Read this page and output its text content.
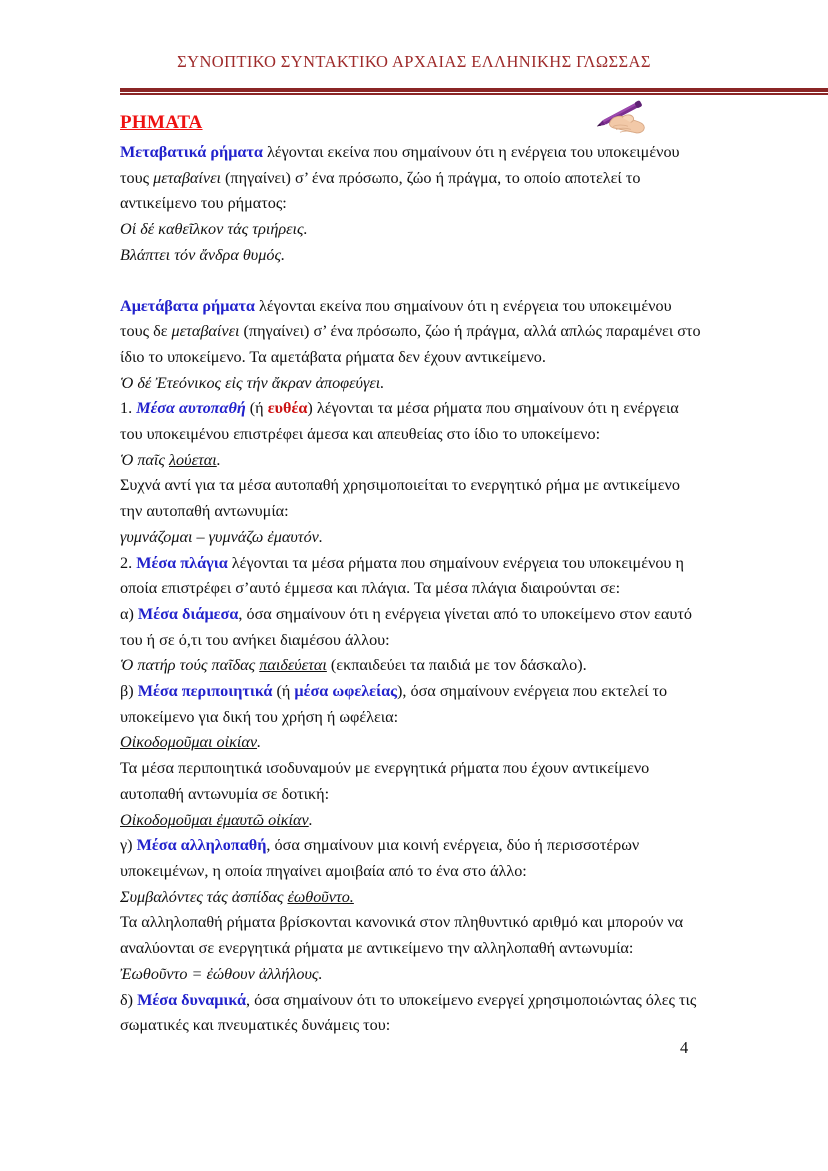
ΣΥΝΟΠΤΙΚΟ ΣΥΝΤΑΚΤΙΚΟ ΑΡΧΑΙΑΣ ΕΛΛΗΝΙΚΗΣ ΓΛΩΣΣΑΣ
ΡΗΜΑΤΑ

Μεταβατικά ρήματα λέγονται εκείνα που σημαίνουν ότι η ενέργεια του υποκειμένου τους μεταβαίνει (πηγαίνει) σ’ ένα πρόσωπο, ζώο ή πράγμα, το οποίο αποτελεί το αντικείμενο του ρήματος:

Οἱ δέ καθεῖλκον τάς τριήρεις.

Βλάπτει τόν ἄνδρα θυμός.

Αμετάβατα ρήματα λέγονται εκείνα που σημαίνουν ότι η ενέργεια του υποκειμένου τους δε μεταβαίνει (πηγαίνει) σ’ ένα πρόσωπο, ζώο ή πράγμα, αλλά απλώς παραμένει στο ίδιο το υποκείμενο. Τα αμετάβατα ρήματα δεν έχουν αντικείμενο.

Ὁ δέ Ἐτεόνικος εἰς τήν ἄκραν ἀποφεύγει.

1. Μέσα αυτοπαθή (ή ευθέα) λέγονται τα μέσα ρήματα που σημαίνουν ότι η ενέργεια του υποκειμένου επιστρέφει άμεσα και απευθείας στο ίδιο το υποκείμενο:

Ὁ παῖς λούεται.

Συχνά αντί για τα μέσα αυτοπαθή χρησιμοποιείται το ενεργητικό ρήμα με αντικείμενο την αυτοπαθή αντωνυμία:

γυμνάζομαι – γυμνάζω ἐμαυτόν.

2. Μέσα πλάγια λέγονται τα μέσα ρήματα που σημαίνουν ενέργεια του υποκειμένου η οποία επιστρέφει σ’αυτό έμμεσα και πλάγια. Τα μέσα πλάγια διαιρούνται σε:

α) Μέσα διάμεσα, όσα σημαίνουν ότι η ενέργεια γίνεται από το υποκείμενο στον εαυτό του ή σε ό,τι του ανήκει διαμέσου άλλου:

Ὁ πατήρ τούς παῖδας παιδεύεται (εκπαιδεύει τα παιδιά με τον δάσκαλο).

β) Μέσα περιποιητικά (ή μέσα ωφελείας), όσα σημαίνουν ενέργεια που εκτελεί το υποκείμενο για δική του χρήση ή ωφέλεια:

Οἰκοδομοῦμαι οἰκίαν.

Τα μέσα περιποιητικά ισοδυναμούν με ενεργητικά ρήματα που έχουν αντικείμενο αυτοπαθή αντωνυμία σε δοτική:

Οἰκοδομοῦμαι ἐμαυτῶ οἰκίαν.

γ) Μέσα αλληλοπαθή, όσα σημαίνουν μια κοινή ενέργεια, δύο ή περισσοτέρων υποκειμένων, η οποία πηγαίνει αμοιβαία από το ένα στο άλλο:

Συμβαλόντες τάς ἀσπίδας ἐωθοῦντο.

Τα αλληλοπαθή ρήματα βρίσκονται κανονικά στον πληθυντικό αριθμό και μπορούν να αναλύονται σε ενεργητικά ρήματα με αντικείμενο την αλληλοπαθή αντωνυμία:

Ἐωθοῦντο = ἐώθουν ἀλλήλους.

δ) Μέσα δυναμικά, όσα σημαίνουν ότι το υποκείμενο ενεργεί χρησιμοποιώντας όλες τις σωματικές και πνευματικές δυνάμεις του:

4
